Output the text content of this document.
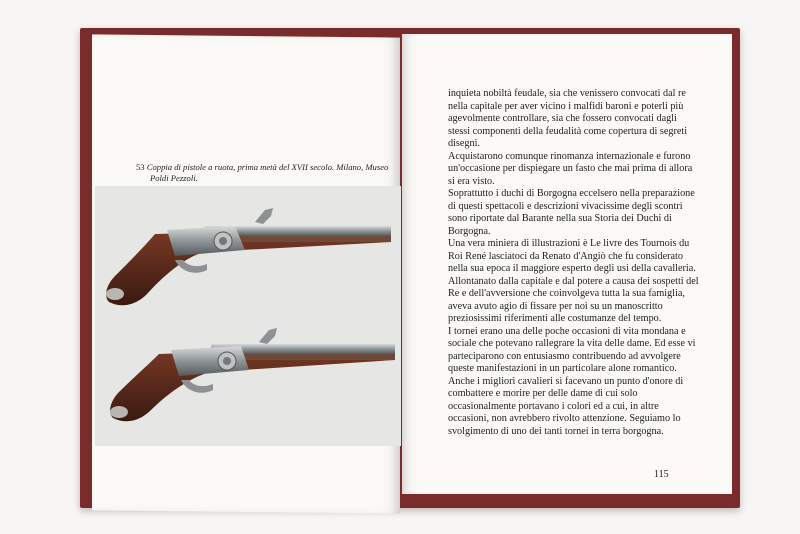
53 Coppia di pistole a ruota, prima metà del XVII secolo. Milano, Museo Poldi Pezzoli.

inquieta nobiltà feudale, sia che venissero convocati dal re nella capitale per aver vicino i malfidi baroni e poterli più agevolmente controllare, sia che fossero convocati dagli stessi componenti della feudalità come copertura di segreti disegni.

Acquistarono comunque rinomanza internazionale e furono un'occasione per dispiegare un fasto che mai prima di allora si era visto.

Soprattutto i duchi di Borgogna eccelsero nella preparazione di questi spettacoli e descrizioni vivacissime degli scontri sono riportate dal Barante nella sua Storia dei Duchi di Borgogna.

Una vera miniera di illustrazioni è Le livre des Tournois du Roi René lasciatoci da Renato d'Angiò che fu considerato nella sua epoca il maggiore esperto degli usi della cavalleria.

Allontanato dalla capitale e dal potere a causa dei sospetti del Re e dell'avversione che coinvolgeva tutta la sua famiglia, aveva avuto agio di fissare per noi su un manoscritto preziosissimi riferimenti alle costumanze del tempo.

I tornei erano una delle poche occasioni di vita mondana e sociale che potevano rallegrare la vita delle dame. Ed esse vi parteciparono con entusiasmo contribuendo ad avvolgere queste manifestazioni in un particolare alone romantico.

Anche i migliori cavalieri si facevano un punto d'onore di combattere e morire per delle dame di cui solo occasionalmente portavano i colori ed a cui, in altre occasioni, non avrebbero rivolto attenzione. Seguiamo lo svolgimento di uno dei tanti tornei in terra borgogna.

115
